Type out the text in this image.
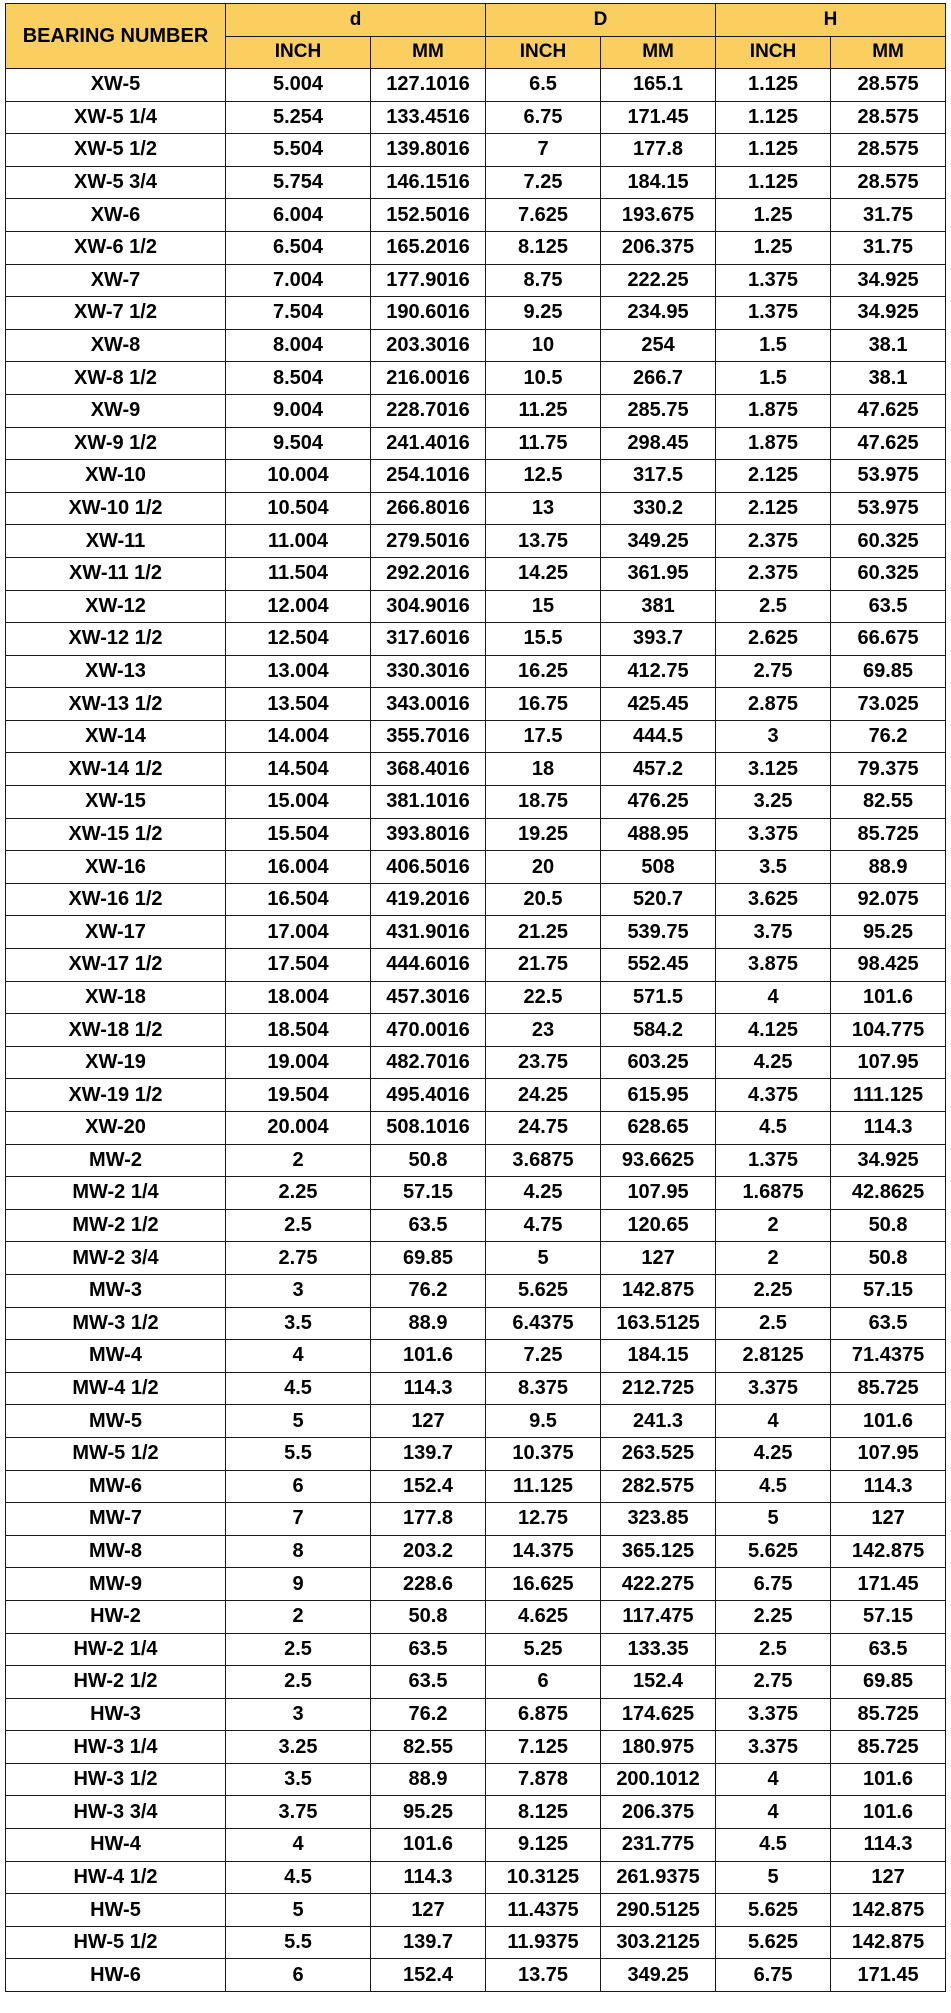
BEARING NUMBER	d		D		H	
	INCH	MM	INCH	MM	INCH	MM
XW-5	5.004	127.1016	6.5	165.1	1.125	28.575
XW-5 1/4	5.254	133.4516	6.75	171.45	1.125	28.575
XW-5 1/2	5.504	139.8016	7	177.8	1.125	28.575
XW-5 3/4	5.754	146.1516	7.25	184.15	1.125	28.575
XW-6	6.004	152.5016	7.625	193.675	1.25	31.75
XW-6 1/2	6.504	165.2016	8.125	206.375	1.25	31.75
XW-7	7.004	177.9016	8.75	222.25	1.375	34.925
XW-7 1/2	7.504	190.6016	9.25	234.95	1.375	34.925
XW-8	8.004	203.3016	10	254	1.5	38.1
XW-8 1/2	8.504	216.0016	10.5	266.7	1.5	38.1
XW-9	9.004	228.7016	11.25	285.75	1.875	47.625
XW-9 1/2	9.504	241.4016	11.75	298.45	1.875	47.625
XW-10	10.004	254.1016	12.5	317.5	2.125	53.975
XW-10 1/2	10.504	266.8016	13	330.2	2.125	53.975
XW-11	11.004	279.5016	13.75	349.25	2.375	60.325
XW-11 1/2	11.504	292.2016	14.25	361.95	2.375	60.325
XW-12	12.004	304.9016	15	381	2.5	63.5
XW-12 1/2	12.504	317.6016	15.5	393.7	2.625	66.675
XW-13	13.004	330.3016	16.25	412.75	2.75	69.85
XW-13 1/2	13.504	343.0016	16.75	425.45	2.875	73.025
XW-14	14.004	355.7016	17.5	444.5	3	76.2
XW-14 1/2	14.504	368.4016	18	457.2	3.125	79.375
XW-15	15.004	381.1016	18.75	476.25	3.25	82.55
XW-15 1/2	15.504	393.8016	19.25	488.95	3.375	85.725
XW-16	16.004	406.5016	20	508	3.5	88.9
XW-16 1/2	16.504	419.2016	20.5	520.7	3.625	92.075
XW-17	17.004	431.9016	21.25	539.75	3.75	95.25
XW-17 1/2	17.504	444.6016	21.75	552.45	3.875	98.425
XW-18	18.004	457.3016	22.5	571.5	4	101.6
XW-18 1/2	18.504	470.0016	23	584.2	4.125	104.775
XW-19	19.004	482.7016	23.75	603.25	4.25	107.95
XW-19 1/2	19.504	495.4016	24.25	615.95	4.375	111.125
XW-20	20.004	508.1016	24.75	628.65	4.5	114.3
MW-2	2	50.8	3.6875	93.6625	1.375	34.925
MW-2 1/4	2.25	57.15	4.25	107.95	1.6875	42.8625
MW-2 1/2	2.5	63.5	4.75	120.65	2	50.8
MW-2 3/4	2.75	69.85	5	127	2	50.8
MW-3	3	76.2	5.625	142.875	2.25	57.15
MW-3 1/2	3.5	88.9	6.4375	163.5125	2.5	63.5
MW-4	4	101.6	7.25	184.15	2.8125	71.4375
MW-4 1/2	4.5	114.3	8.375	212.725	3.375	85.725
MW-5	5	127	9.5	241.3	4	101.6
MW-5 1/2	5.5	139.7	10.375	263.525	4.25	107.95
MW-6	6	152.4	11.125	282.575	4.5	114.3
MW-7	7	177.8	12.75	323.85	5	127
MW-8	8	203.2	14.375	365.125	5.625	142.875
MW-9	9	228.6	16.625	422.275	6.75	171.45
HW-2	2	50.8	4.625	117.475	2.25	57.15
HW-2 1/4	2.5	63.5	5.25	133.35	2.5	63.5
HW-2 1/2	2.5	63.5	6	152.4	2.75	69.85
HW-3	3	76.2	6.875	174.625	3.375	85.725
HW-3 1/4	3.25	82.55	7.125	180.975	3.375	85.725
HW-3 1/2	3.5	88.9	7.878	200.1012	4	101.6
HW-3 3/4	3.75	95.25	8.125	206.375	4	101.6
HW-4	4	101.6	9.125	231.775	4.5	114.3
HW-4 1/2	4.5	114.3	10.3125	261.9375	5	127
HW-5	5	127	11.4375	290.5125	5.625	142.875
HW-5 1/2	5.5	139.7	11.9375	303.2125	5.625	142.875
HW-6	6	152.4	13.75	349.25	6.75	171.45
